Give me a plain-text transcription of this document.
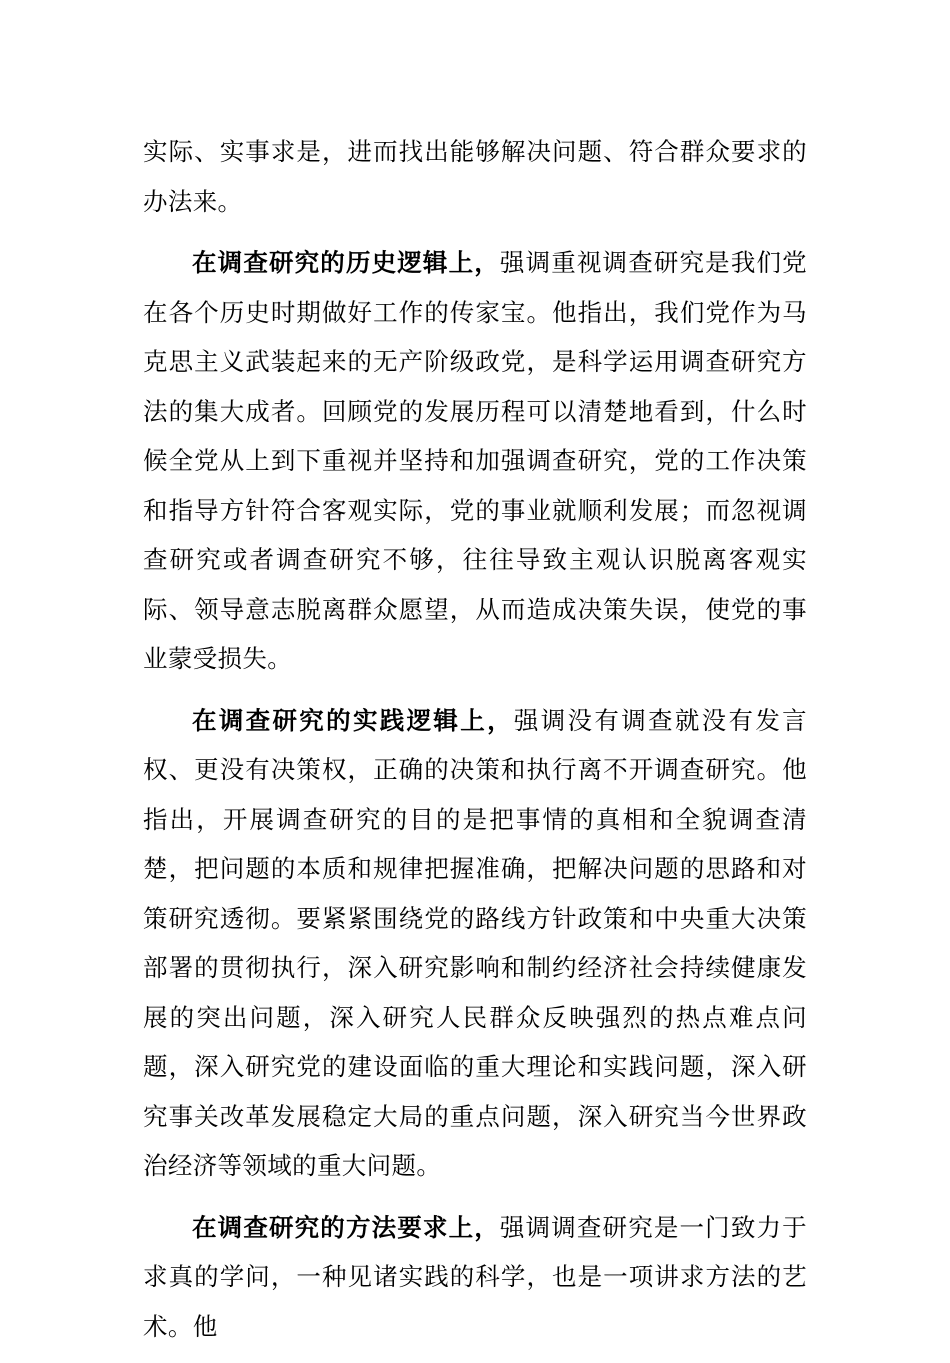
实际、实事求是，进而找出能够解决问题、符合群众要求的办法来。

在调查研究的历史逻辑上，强调重视调查研究是我们党在各个历史时期做好工作的传家宝。他指出，我们党作为马克思主义武装起来的无产阶级政党，是科学运用调查研究方法的集大成者。回顾党的发展历程可以清楚地看到，什么时候全党从上到下重视并坚持和加强调查研究，党的工作决策和指导方针符合客观实际，党的事业就顺利发展；而忽视调查研究或者调查研究不够，往往导致主观认识脱离客观实际、领导意志脱离群众愿望，从而造成决策失误，使党的事业蒙受损失。

在调查研究的实践逻辑上，强调没有调查就没有发言权、更没有决策权，正确的决策和执行离不开调查研究。他指出，开展调查研究的目的是把事情的真相和全貌调查清楚，把问题的本质和规律把握准确，把解决问题的思路和对策研究透彻。要紧紧围绕党的路线方针政策和中央重大决策部署的贯彻执行，深入研究影响和制约经济社会持续健康发展的突出问题，深入研究人民群众反映强烈的热点难点问题，深入研究党的建设面临的重大理论和实践问题，深入研究事关改革发展稳定大局的重点问题，深入研究当今世界政治经济等领域的重大问题。

在调查研究的方法要求上，强调调查研究是一门致力于求真的学问，一种见诸实践的科学，也是一项讲求方法的艺术。他
